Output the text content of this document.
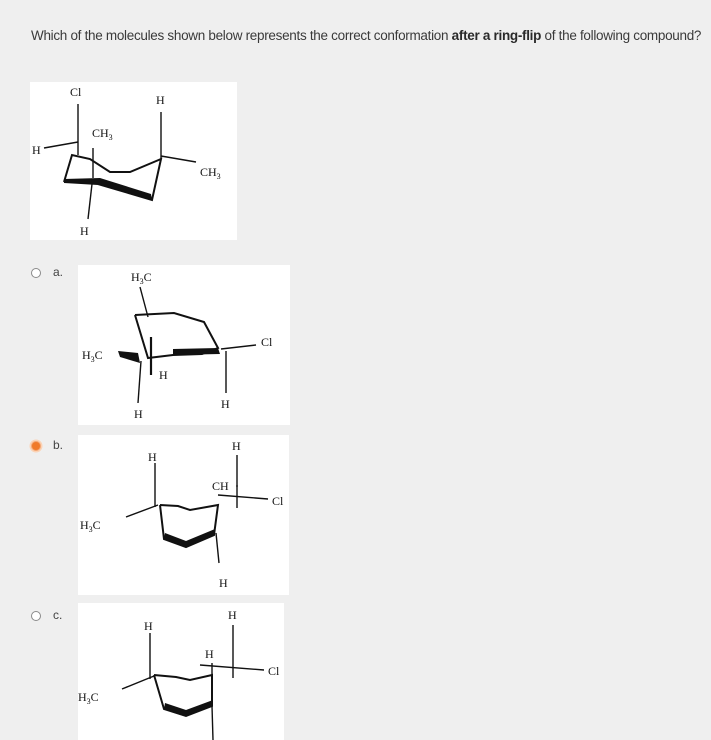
Which of the molecules shown below represents the correct conformation after a ring-flip of the following compound?
Cl
H
$CH_3$
H
$CH_3$
H
a.	$H_3C$
Cl
$H_3C$
H
H
H
b.
H
H
CH
Cl
$H_3C$
H
c.
H
H
H
Cl
$H_3C$
